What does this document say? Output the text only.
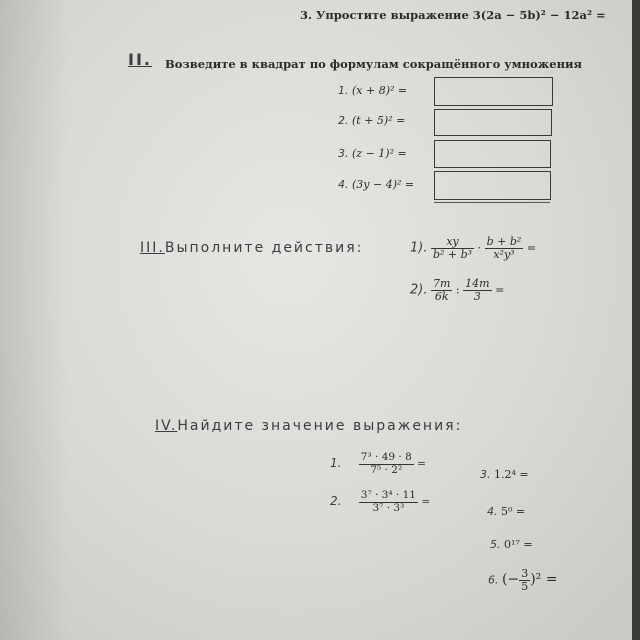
3. Упростите выражение 3(2a − 5b)² − 12a² =
II. Возведите в квадрат по формулам сокращённого умножения
1. (x + 8)² =
2. (t + 5)² =
3. (z − 1)² =
4. (3y − 4)² =
III.Выполните действия:	1). $\frac{xy}{\text{b² + b³}} \cdot \frac{\text{b + b²}}{\text{x²y³}}$ =
2). $\frac{7m}{6k}$ : $\frac{14m}{3}$ =
IV.Найдите значение выражения:
1. $\frac{\text{7³ · 49 · 8}}{\text{7⁵ · 2²}}$ =
2. $\frac{\text{3⁷ · 3⁴ · 11}}{\text{3⁷ · 3³}}$ =
3. 1.2⁴ =
4. 5⁰ =
5. 0¹⁷ =
6. (− $\frac{3}{5} )^2$ =
